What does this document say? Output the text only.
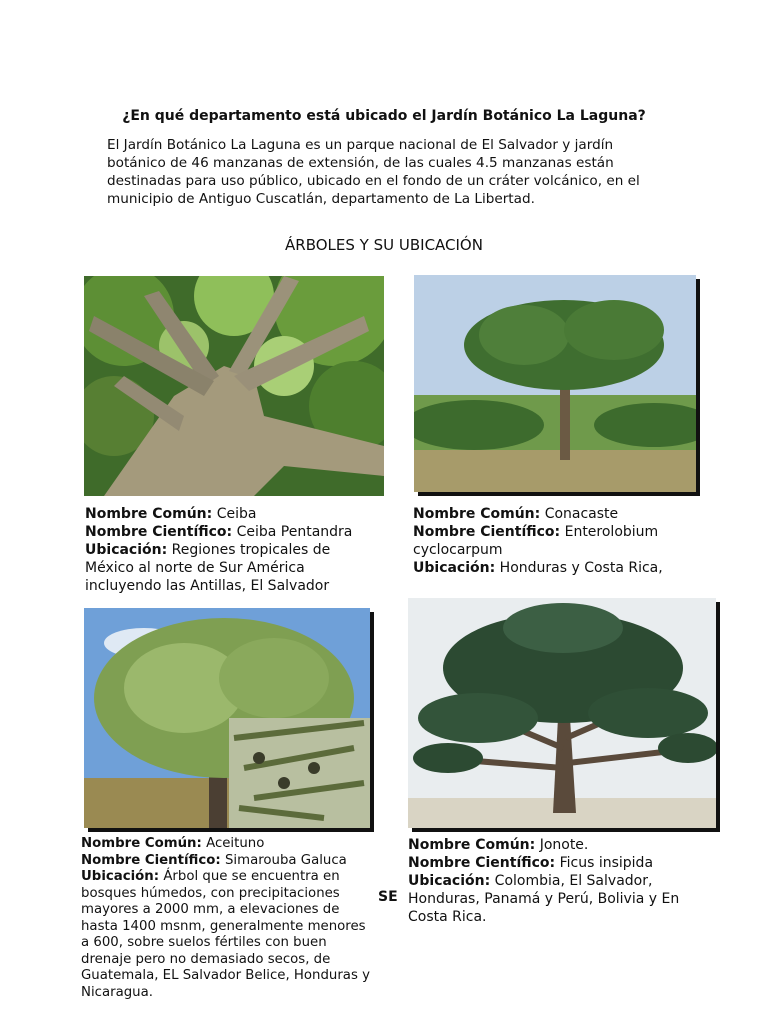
¿En qué departamento está ubicado el Jardín Botánico La Laguna?
El Jardín Botánico La Laguna es un parque nacional de El Salvador y jardín botánico de 46 manzanas de extensión, de las cuales 4.5 manzanas están destinadas para uso público, ubicado en el fondo de un cráter volcánico, en el municipio de Antiguo Cuscatlán, departamento de La Libertad.
ÁRBOLES Y SU UBICACIÓN
Nombre Común: Ceiba
Nombre Científico: Ceiba Pentandra
Ubicación: Regiones tropicales de México al norte de Sur América incluyendo las Antillas, El Salvador
Nombre Común: Conacaste
Nombre Científico: Enterolobium cyclocarpum
Ubicación: Honduras y Costa Rica,
Nombre Común: Aceituno
Nombre Científico: Simarouba Galuca
Ubicación: Árbol que se encuentra en bosques húmedos, con precipitaciones mayores a 2000 mm, a elevaciones de hasta 1400 msnm, generalmente menores a 600, sobre suelos fértiles con buen drenaje pero no demasiado secos, de Guatemala, EL Salvador Belice, Honduras y Nicaragua.
SE
Nombre Común: Jonote.
Nombre Científico: Ficus insipida
Ubicación: Colombia, El Salvador, Honduras, Panamá y Perú, Bolivia y En Costa Rica.
